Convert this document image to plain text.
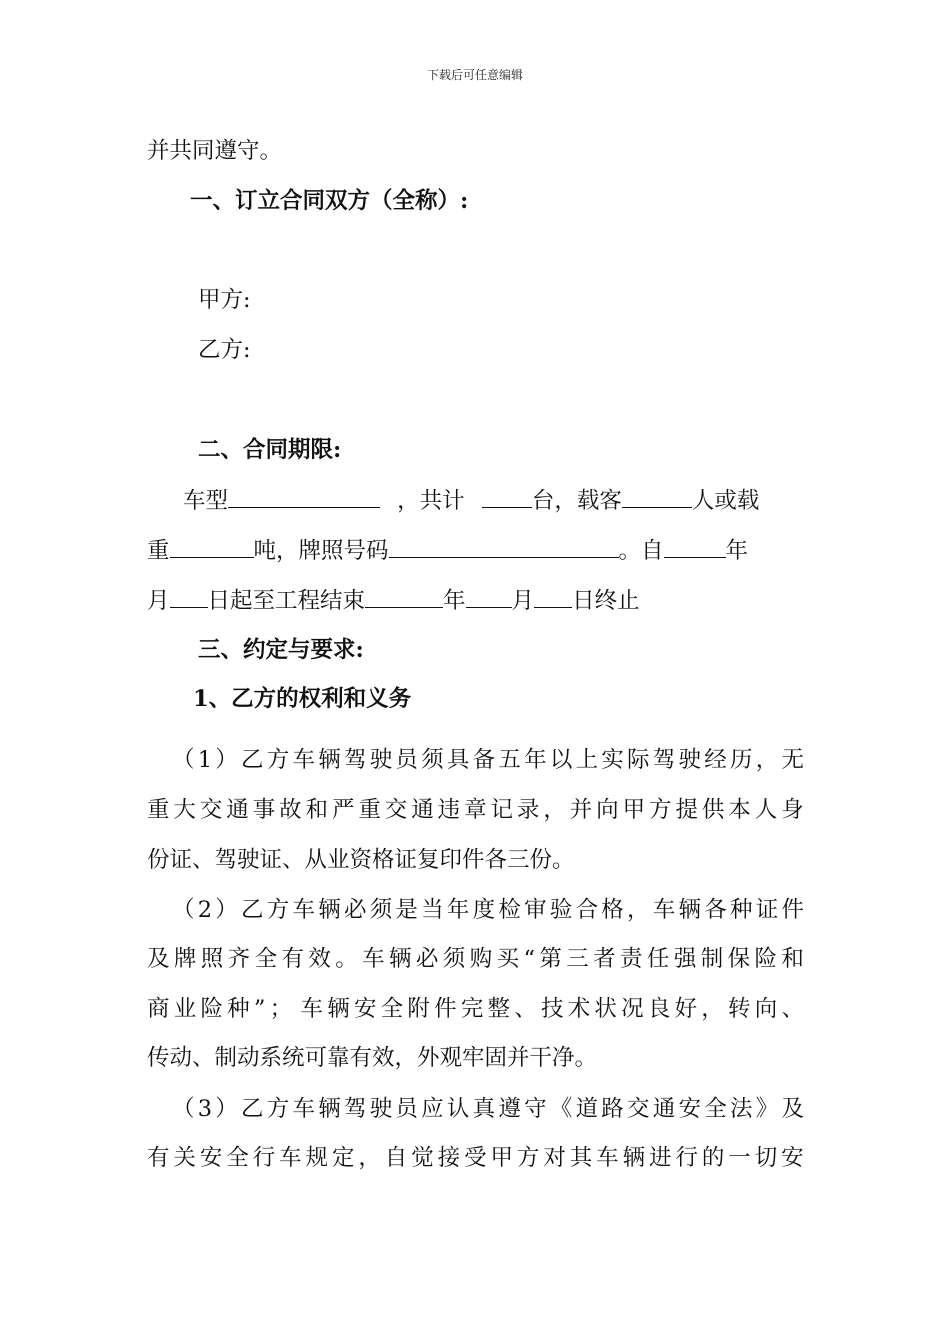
下载后可任意编辑
并共同遵守。
一、订立合同双方（全称）:
甲方:
乙方:
二、合同期限:
车型	，共计	台，载客	人或载
重	吨，牌照号码	。自	年
月 日起至工程结束	年 月 日终止
三、约定与要求:
1、乙方的权利和义务
（ 1 ） 乙 方 车 辆 驾 驶 员 须 具 备 五 年 以 上 实 际 驾 驶 经 历 ， 无
重 大 交 通 事 故 和 严 重 交 通 违 章 记 录 ， 并 向 甲 方 提 供 本 人 身
份证、驾驶证、从业资格证复印件各三份。
（ 2 ） 乙 方 车 辆 必 须 是 当 年 度 检 审 验 合 格 ， 车 辆 各 种 证 件
及 牌 照 齐 全 有 效 。 车 辆 必 须 购 买 “ 第 三 者 责 任 强 制 保 险 和
商 业 险 种 ” ； 车 辆 安 全 附 件 完 整 、 技 术 状 况 良 好 ， 转 向 、
传动、制动系统可靠有效，外观牢固并干净。
（ 3 ） 乙 方 车 辆 驾 驶 员 应 认 真 遵 守 《 道 路 交 通 安 全 法 》 及
有 关 安 全 行 车 规 定 ， 自 觉 接 受 甲 方 对 其 车 辆 进 行 的 一 切 安
